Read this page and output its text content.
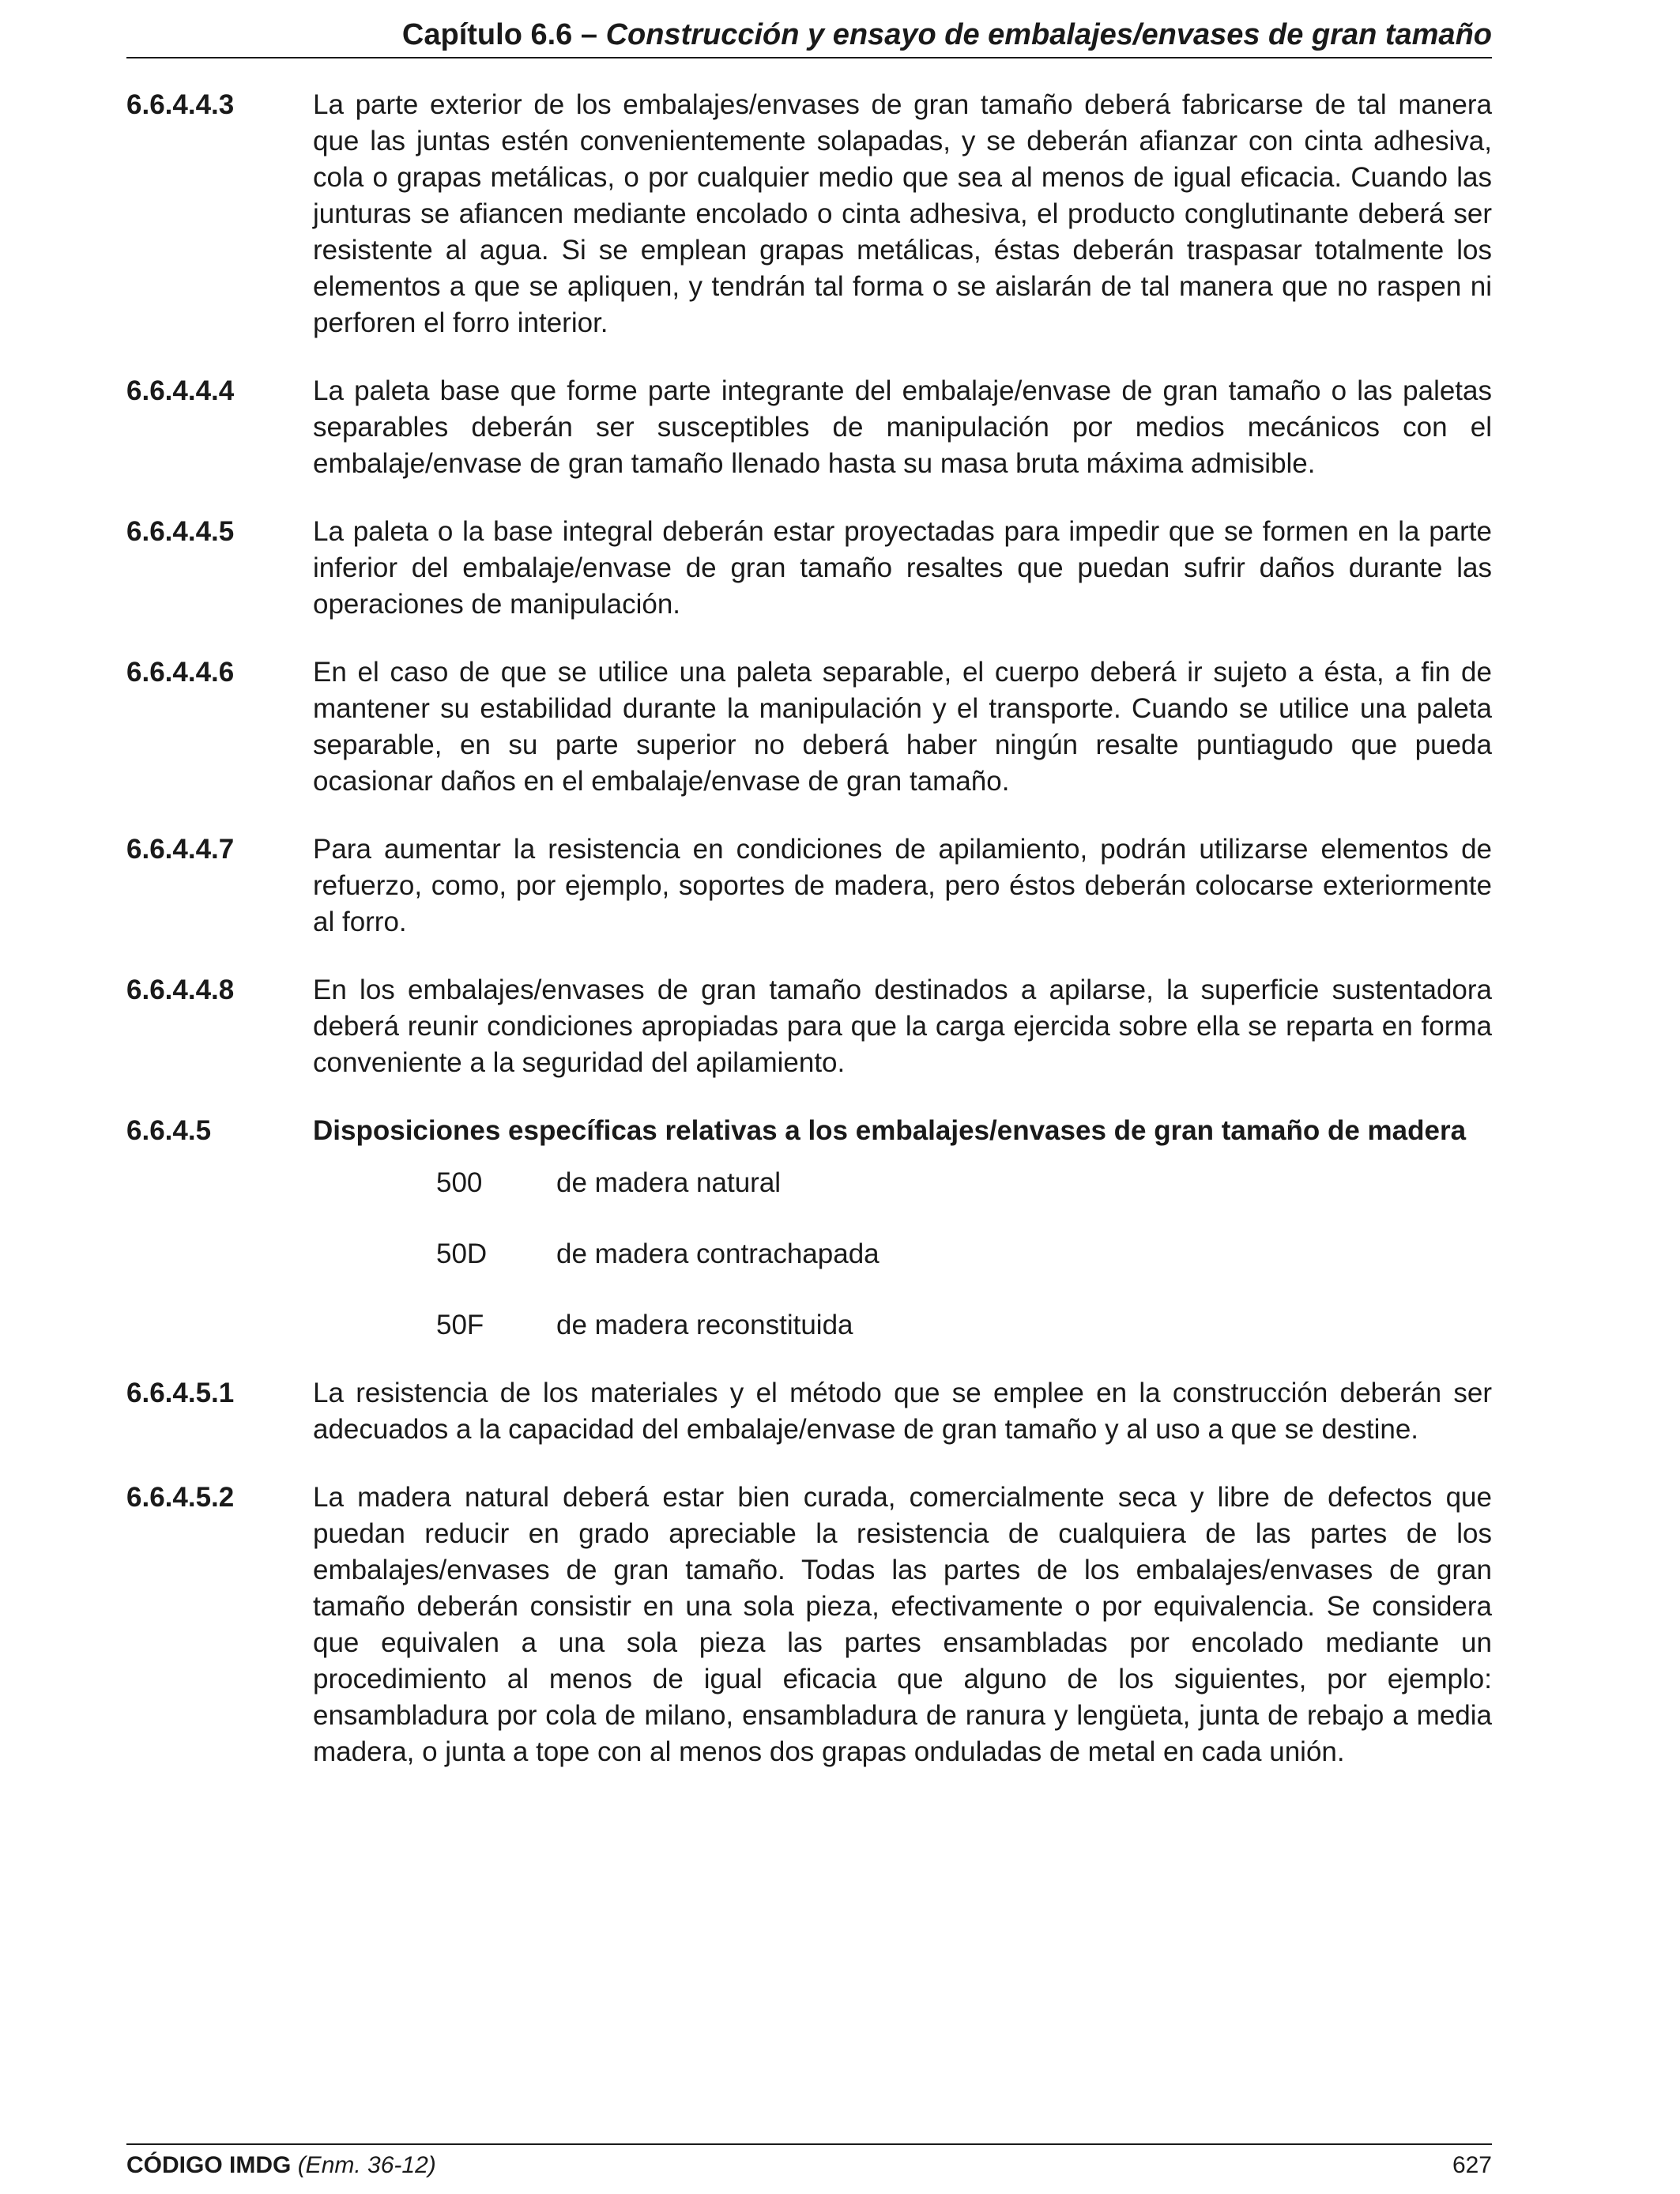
Capítulo 6.6 – Construcción y ensayo de embalajes/envases de gran tamaño
6.6.4.4.3	La parte exterior de los embalajes/envases de gran tamaño deberá fabricarse de tal manera que las juntas estén convenientemente solapadas, y se deberán afianzar con cinta adhesiva, cola o grapas metálicas, o por cualquier medio que sea al menos de igual eficacia. Cuando las junturas se afiancen mediante encolado o cinta adhesiva, el producto conglutinante deberá ser resistente al agua. Si se emplean grapas metálicas, éstas deberán traspasar totalmente los elementos a que se apliquen, y tendrán tal forma o se aislarán de tal manera que no raspen ni perforen el forro interior.
6.6.4.4.4	La paleta base que forme parte integrante del embalaje/envase de gran tamaño o las paletas separables deberán ser susceptibles de manipulación por medios mecánicos con el embalaje/envase de gran tamaño llenado hasta su masa bruta máxima admisible.
6.6.4.4.5	La paleta o la base integral deberán estar proyectadas para impedir que se formen en la parte inferior del embalaje/envase de gran tamaño resaltes que puedan sufrir daños durante las operaciones de manipulación.
6.6.4.4.6	En el caso de que se utilice una paleta separable, el cuerpo deberá ir sujeto a ésta, a fin de mantener su estabilidad durante la manipulación y el transporte. Cuando se utilice una paleta separable, en su parte superior no deberá haber ningún resalte puntiagudo que pueda ocasionar daños en el embalaje/envase de gran tamaño.
6.6.4.4.7	Para aumentar la resistencia en condiciones de apilamiento, podrán utilizarse elementos de refuerzo, como, por ejemplo, soportes de madera, pero éstos deberán colocarse exteriormente al forro.
6.6.4.4.8	En los embalajes/envases de gran tamaño destinados a apilarse, la superficie sustentadora deberá reunir condiciones apropiadas para que la carga ejercida sobre ella se reparta en forma conveniente a la seguridad del apilamiento.
6.6.4.5	Disposiciones específicas relativas a los embalajes/envases de gran tamaño de madera
500	de madera natural
50D	de madera contrachapada
50F	de madera reconstituida
6.6.4.5.1	La resistencia de los materiales y el método que se emplee en la construcción deberán ser adecuados a la capacidad del embalaje/envase de gran tamaño y al uso a que se destine.
6.6.4.5.2	La madera natural deberá estar bien curada, comercialmente seca y libre de defectos que puedan reducir en grado apreciable la resistencia de cualquiera de las partes de los embalajes/envases de gran tamaño. Todas las partes de los embalajes/envases de gran tamaño deberán consistir en una sola pieza, efectivamente o por equivalencia. Se considera que equivalen a una sola pieza las partes ensambladas por encolado mediante un procedimiento al menos de igual eficacia que alguno de los siguientes, por ejemplo: ensambladura por cola de milano, ensambladura de ranura y lengüeta, junta de rebajo a media madera, o junta a tope con al menos dos grapas onduladas de metal en cada unión.
CÓDIGO IMDG (Enm. 36-12)	627
